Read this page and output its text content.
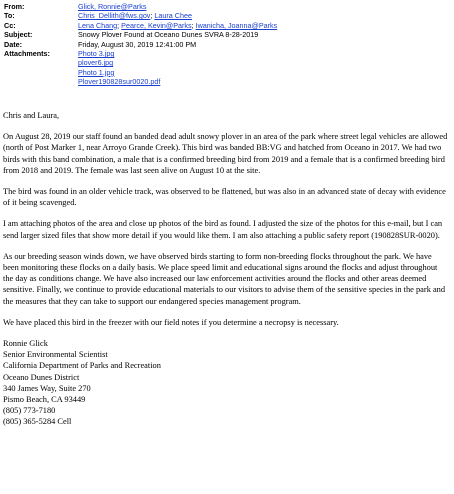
From:	Glick, Ronnie@Parks
To:	Chris_Dellith@fws.gov; Laura Chee
Cc:	Lena Chang; Pearce, Kevin@Parks; Iwanicha, Joanna@Parks
Subject:	Snowy Plover Found at Oceano Dunes SVRA 8-28-2019
Date:	Friday, August 30, 2019 12:41:00 PM
Attachments:	Photo 3.jpg
plover6.jpg
Photo 1.jpg
Plover190828sur0020.pdf

Chris and Laura,

On August 28, 2019 our staff found an banded dead adult snowy plover in an area of the park where street legal vehicles are allowed (north of Post Marker 1, near Arroyo Grande Creek). This bird was banded BB:VG and hatched from Oceano in 2017. We had two birds with this band combination, a male that is a confirmed breeding bird from 2019 and a female that is a confirmed breeding bird from 2018 and 2019. The female was last seen alive on August 10 at the site.

The bird was found in an older vehicle track, was observed to be flattened, but was also in an advanced state of decay with evidence of it being scavenged.

I am attaching photos of the area and close up photos of the bird as found. I adjusted the size of the photos for this e-mail, but I can send larger sized files that show more detail if you would like them. I am also attaching a public safety report (190828SUR-0020).

As our breeding season winds down, we have observed birds starting to form non-breeding flocks throughout the park. We have been monitoring these flocks on a daily basis. We place speed limit and educational signs around the flocks and adjust throughout the day as conditions change. We have also increased our law enforcement activities around the flocks and other areas deemed sensitive. Finally, we continue to provide educational materials to our visitors to advise them of the sensitive species in the park and the measures that they can take to support our endangered species management program.

We have placed this bird in the freezer with our field notes if you determine a necropsy is necessary.

Ronnie Glick
Senior Environmental Scientist
California Department of Parks and Recreation
Oceano Dunes District
340 James Way, Suite 270
Pismo Beach, CA 93449
(805) 773-7180
(805) 365-5284 Cell
